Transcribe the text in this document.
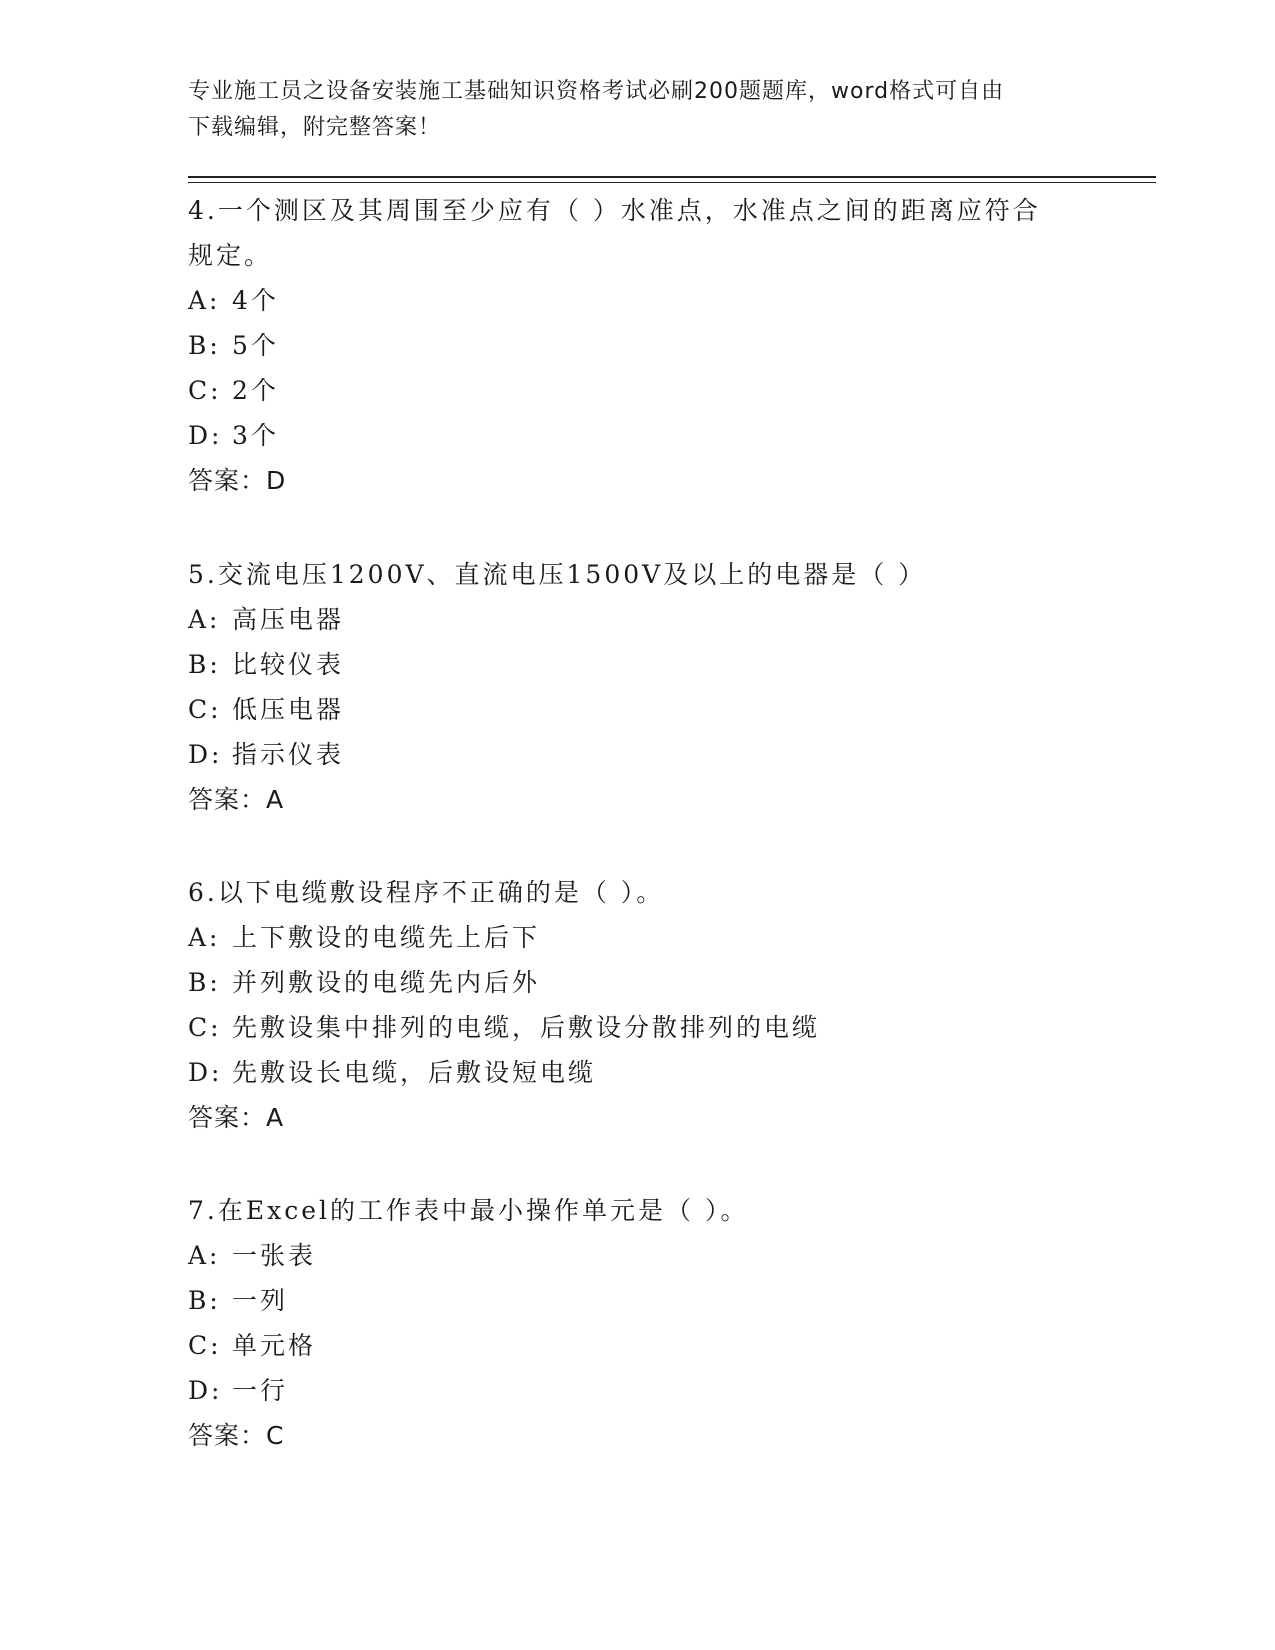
专业施工员之设备安装施工基础知识资格考试必刷200题题库，word格式可自由
下载编辑，附完整答案！
4.一个测区及其周围至少应有（ ）水准点，水准点之间的距离应符合
规定。
A: 4个
B: 5个
C: 2个
D: 3个
答案：D
5.交流电压1200V、直流电压1500V及以上的电器是（ ）
A: 高压电器
B: 比较仪表
C: 低压电器
D: 指示仪表
答案：A
6.以下电缆敷设程序不正确的是（ ）。
A: 上下敷设的电缆先上后下
B: 并列敷设的电缆先内后外
C: 先敷设集中排列的电缆，后敷设分散排列的电缆
D: 先敷设长电缆，后敷设短电缆
答案：A
7.在Excel的工作表中最小操作单元是（ ）。
A: 一张表
B: 一列
C: 单元格
D: 一行
答案：C
